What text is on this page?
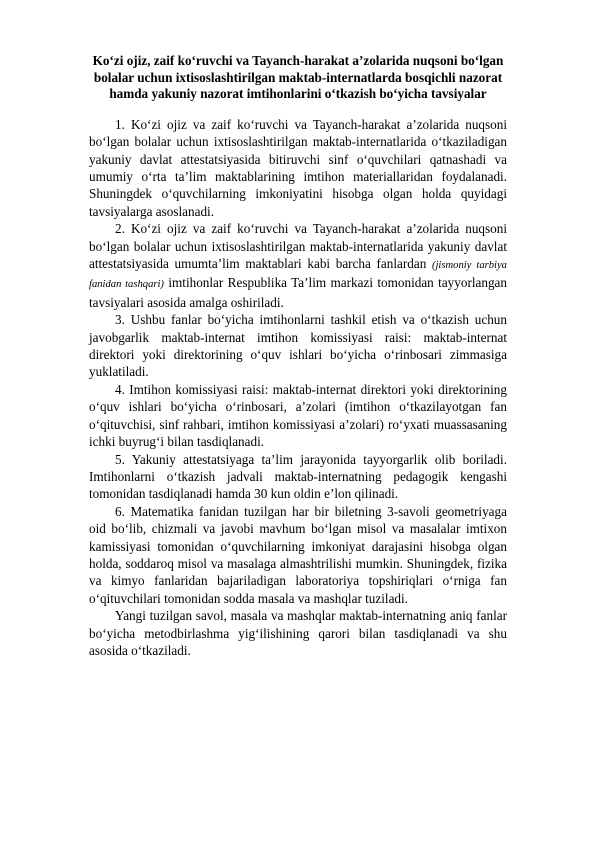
Ko‘zi ojiz, zaif ko‘ruvchi va Tayanch-harakat a’zolarida nuqsoni bo‘lgan
bolalar uchun ixtisoslashtirilgan maktab-internatlarda bosqichli nazorat
hamda yakuniy nazorat imtihonlarini o‘tkazish bo‘yicha tavsiyalar

1. Ko‘zi ojiz va zaif ko‘ruvchi va Tayanch-harakat a’zolarida nuqsoni bo‘lgan bolalar uchun ixtisoslashtirilgan maktab-internatlarida o‘tkaziladigan yakuniy davlat attestatsiyasida bitiruvchi sinf o‘quvchilari qatnashadi va umumiy o‘rta ta’lim maktablarining imtihon materiallaridan foydalanadi. Shuningdek o‘quvchilarning imkoniyatini hisobga olgan holda quyidagi tavsiyalarga asoslanadi.

2. Ko‘zi ojiz va zaif ko‘ruvchi va Tayanch-harakat a’zolarida nuqsoni bo‘lgan bolalar uchun ixtisoslashtirilgan maktab-internatlarida yakuniy davlat attestatsiyasida umumta’lim maktablari kabi barcha fanlardan (jismoniy tarbiya fanidan tashqari) imtihonlar Respublika Ta’lim markazi tomonidan tayyorlangan tavsiyalari asosida amalga oshiriladi.

3. Ushbu fanlar bo‘yicha imtihonlarni tashkil etish va o‘tkazish uchun javobgarlik maktab-internat imtihon komissiyasi raisi: maktab-internat direktori yoki direktorining o‘quv ishlari bo‘yicha o‘rinbosari zimmasiga yuklatiladi.

4. Imtihon komissiyasi raisi: maktab-internat direktori yoki direktorining o‘quv ishlari bo‘yicha o‘rinbosari, a’zolari (imtihon o‘tkazilayotgan fan o‘qituvchisi, sinf rahbari, imtihon komissiyasi a’zolari) ro‘yxati muassasaning ichki buyrug‘i bilan tasdiqlanadi.

5. Yakuniy attestatsiyaga ta’lim jarayonida tayyorgarlik olib boriladi. Imtihonlarni o‘tkazish jadvali maktab-internatning pedagogik kengashi tomonidan tasdiqlanadi hamda 30 kun oldin e’lon qilinadi.

6. Matematika fanidan tuzilgan har bir biletning 3-savoli geometriyaga oid bo‘lib, chizmali va javobi mavhum bo‘lgan misol va masalalar imtixon kamissiyasi tomonidan o‘quvchilarning imkoniyat darajasini hisobga olgan holda, soddaroq misol va masalaga almashtrilishi mumkin. Shuningdek, fizika va kimyo fanlaridan bajariladigan laboratoriya topshiriqlari o‘rniga fan o‘qituvchilari tomonidan sodda masala va mashqlar tuziladi.

Yangi tuzilgan savol, masala va mashqlar maktab-internatning aniq fanlar bo‘yicha metodbirlashma yig‘ilishining qarori bilan tasdiqlanadi va shu asosida o‘tkaziladi.
